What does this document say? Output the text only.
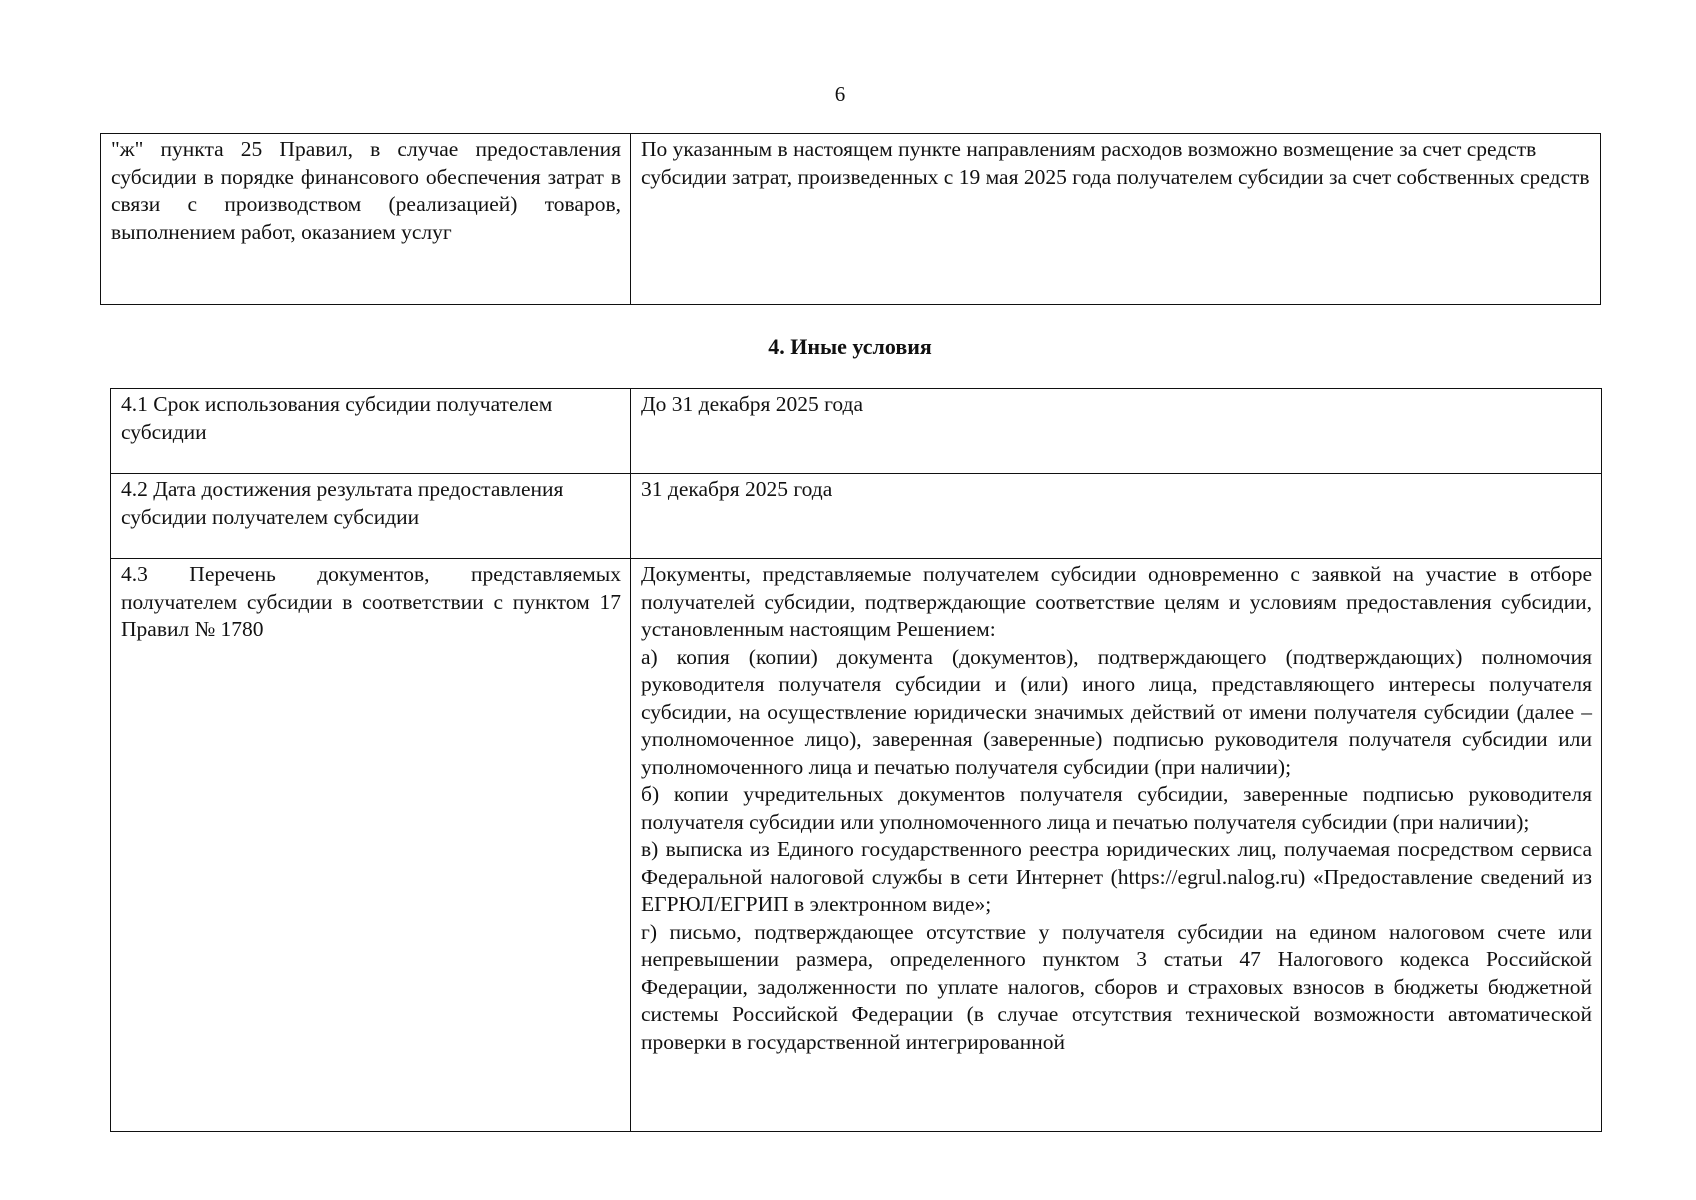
6
"ж" пункта 25 Правил, в случае предоставления субсидии в порядке финансового обеспечения затрат в связи с производством (реализацией) товаров, выполнением работ, оказанием услуг	По указанным в настоящем пункте направлениям расходов возможно возмещение за счет средств субсидии затрат, произведенных с 19 мая 2025 года получателем субсидии за счет собственных средств
4. Иные условия
4.1 Срок использования субсидии получателем субсидии	До 31 декабря 2025 года
4.2 Дата достижения результата предоставления субсидии получателем субсидии	31 декабря 2025 года
4.3 Перечень документов, представляемых получателем субсидии в соответствии с пунктом 17 Правил № 1780	Документы, представляемые получателем субсидии одновременно с заявкой на участие в отборе получателей субсидии, подтверждающие соответствие целям и условиям предоставления субсидии, установленным настоящим Решением:

а) копия (копии) документа (документов), подтверждающего (подтверждающих) полномочия руководителя получателя субсидии и (или) иного лица, представляющего интересы получателя субсидии, на осуществление юридически значимых действий от имени получателя субсидии (далее – уполномоченное лицо), заверенная (заверенные) подписью руководителя получателя субсидии или уполномоченного лица и печатью получателя субсидии (при наличии);

б) копии учредительных документов получателя субсидии, заверенные подписью руководителя получателя субсидии или уполномоченного лица и печатью получателя субсидии (при наличии);

в) выписка из Единого государственного реестра юридических лиц, получаемая посредством сервиса Федеральной налоговой службы в сети Интернет (https://egrul.nalog.ru) «Предоставление сведений из ЕГРЮЛ/ЕГРИП в электронном виде»;

г) письмо, подтверждающее отсутствие у получателя субсидии на едином налоговом счете или непревышении размера, определенного пунктом 3 статьи 47 Налогового кодекса Российской Федерации, задолженности по уплате налогов, сборов и страховых взносов в бюджеты бюджетной системы Российской Федерации (в случае отсутствия технической возможности автоматической проверки в государственной интегрированной
